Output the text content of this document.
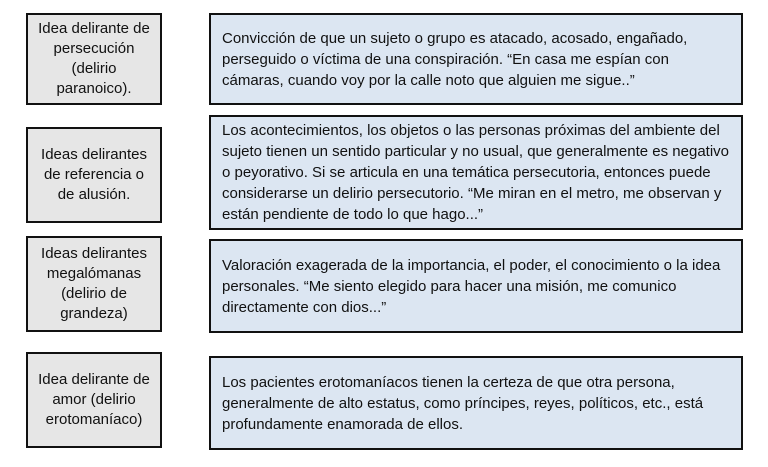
Idea delirante de persecución (delirio paranoico).
Convicción de que un sujeto o grupo es atacado, acosado, engañado, perseguido o víctima de una conspiración. “En casa me espían con cámaras, cuando voy por la calle noto que alguien me sigue..”
Ideas delirantes de referencia o de alusión.
Los acontecimientos, los objetos o las personas próximas del ambiente del sujeto tienen un sentido particular y no usual, que generalmente es negativo o peyorativo. Si se articula en una temática persecutoria, entonces puede considerarse un delirio persecutorio. “Me miran en el metro, me observan y están pendiente de todo lo que hago...”
Ideas delirantes megalómanas (delirio de grandeza)
Valoración exagerada de la importancia, el poder, el conocimiento o la idea personales. “Me siento elegido para hacer una misión, me comunico directamente con dios...”
Idea delirante de amor (delirio erotomaníaco)
Los pacientes erotomaníacos tienen la certeza de que otra persona, generalmente de alto estatus, como príncipes, reyes, políticos, etc., está profundamente enamorada de ellos.
